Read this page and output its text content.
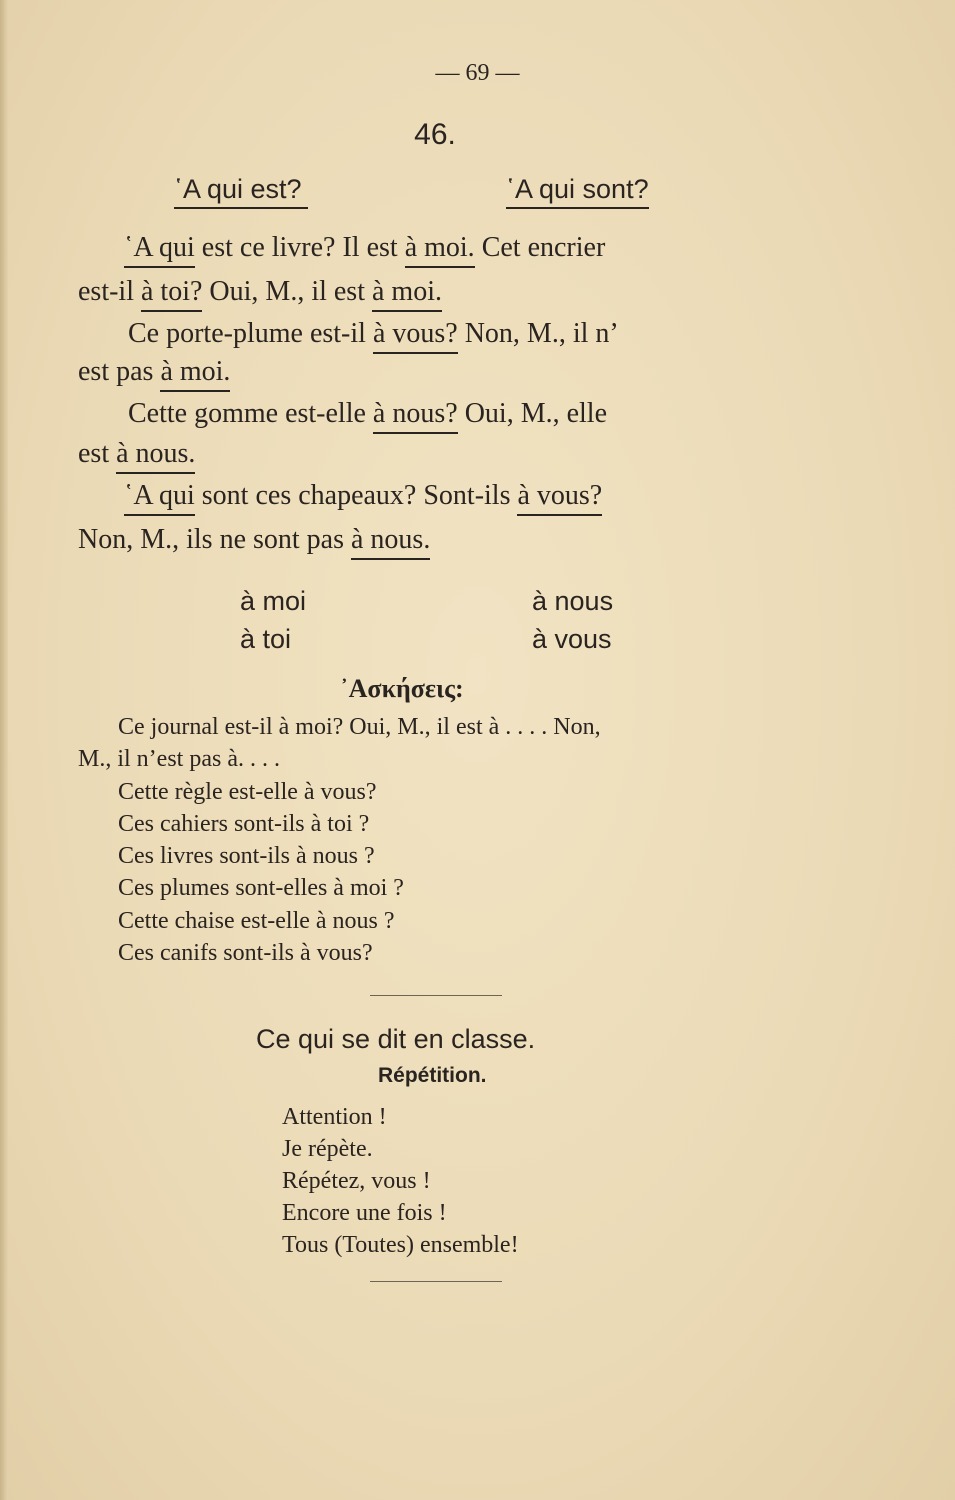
— 69 —
46.
῾A qui est?	῾A qui sont?
῾A qui est ce livre? Il est à moi. Cet encrier
est-il à toi? Oui, M., il est à moi.
Ce porte-plume est-il à vous? Non, M., il n’
est pas à moi.
Cette gomme est-elle à nous? Oui, M., elle
est à nous.
῾A qui sont ces chapeaux? Sont-ils à vous?
Non, M., ils ne sont pas à nous.
à moi
à toi
à nous
à vous
᾿Ασκήσεις:
Ce journal est-il à moi? Oui, M., il est à . . . . Non,
M., il n’est pas à. . . .
Cette règle est-elle à vous?
Ces cahiers sont-ils à toi ?
Ces livres sont-ils à nous ?
Ces plumes sont-elles à moi ?
Cette chaise est-elle à nous ?
Ces canifs sont-ils à vous?
Ce qui se dit en classe.
Répétition.
Attention !
Je répète.
Répétez, vous !
Encore une fois !
Tous (Toutes) ensemble!
